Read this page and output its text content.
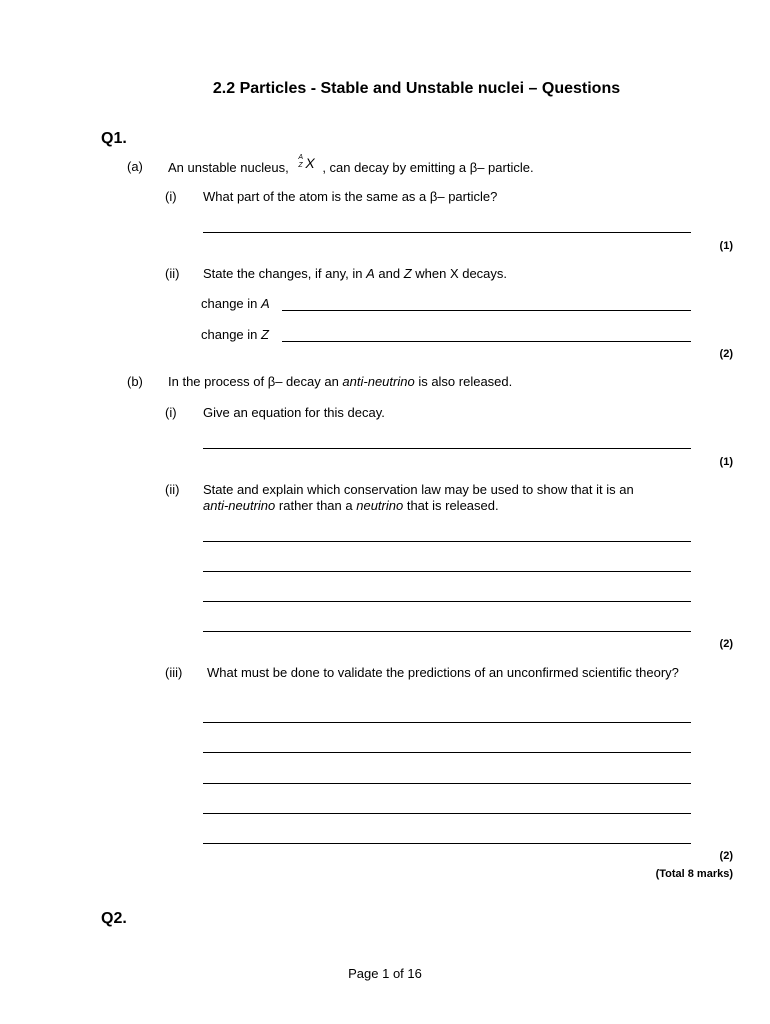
2.2 Particles - Stable and Unstable nuclei – Questions
Q1.
(a) An unstable nucleus,
A
Z X , can decay by emitting a β– particle.
(i) What part of the atom is the same as a β– particle?
(1)
(ii) State the changes, if any, in A and Z when X decays.
change in A
change in Z
(2)
(b) In the process of β– decay an anti-neutrino is also released.
(i) Give an equation for this decay.
(1)
(ii) State and explain which conservation law may be used to show that it is an
anti-neutrino rather than a neutrino that is released.
(2)
(iii)	What must be done to validate the predictions of an unconfirmed scientific theory?
(2)
(Total 8 marks)
Q2.
Page 1 of 16
